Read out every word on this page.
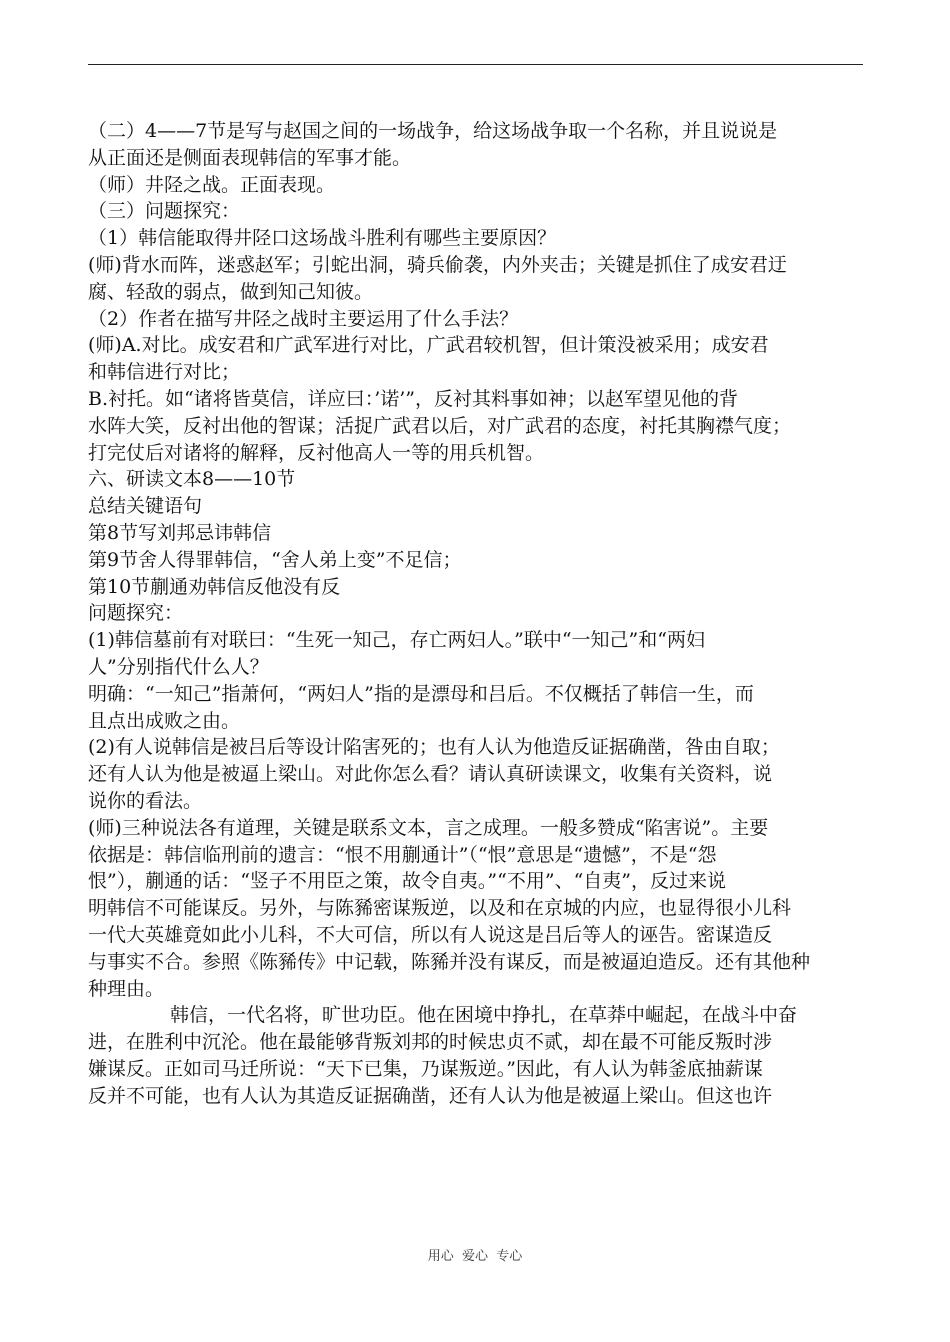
（二）4——7节是写与赵国之间的一场战争，给这场战争取一个名称，并且说说是

从正面还是侧面表现韩信的军事才能。

（师）井陉之战。正面表现。

（三）问题探究：

（1）韩信能取得井陉口这场战斗胜利有哪些主要原因？

(师)背水而阵，迷惑赵军；引蛇出洞，骑兵偷袭，内外夹击；关键是抓住了成安君迂

腐、轻敌的弱点，做到知己知彼。

（2）作者在描写井陉之战时主要运用了什么手法？

(师)A.对比。成安君和广武军进行对比，广武君较机智，但计策没被采用；成安君

和韩信进行对比；

B.衬托。如“诸将皆莫信，详应曰：’诺’”，反衬其料事如神；以赵军望见他的背

水阵大笑，反衬出他的智谋；活捉广武君以后，对广武君的态度，衬托其胸襟气度；

打完仗后对诸将的解释，反衬他高人一等的用兵机智。

六、研读文本8——10节

总结关键语句

第8节写刘邦忌讳韩信

第9节舍人得罪韩信，“舍人弟上变”不足信；

第10节蒯通劝韩信反他没有反

问题探究：

(1)韩信墓前有对联曰：“生死一知己，存亡两妇人。”联中“一知己”和“两妇

人”分别指代什么人？

明确：“一知己”指萧何，“两妇人”指的是漂母和吕后。不仅概括了韩信一生，而

且点出成败之由。

(2)有人说韩信是被吕后等设计陷害死的；也有人认为他造反证据确凿，咎由自取；

还有人认为他是被逼上梁山。对此你怎么看？请认真研读课文，收集有关资料，说

说你的看法。

(师)三种说法各有道理，关键是联系文本，言之成理。一般多赞成“陷害说”。主要

依据是：韩信临刑前的遗言：“恨不用蒯通计”（“恨”意思是“遗憾”，不是“怨

恨”），蒯通的话：“竖子不用臣之策，故令自夷。”“不用”、“自夷”，反过来说

明韩信不可能谋反。另外，与陈豨密谋叛逆，以及和在京城的内应，也显得很小儿科

一代大英雄竟如此小儿科，不大可信，所以有人说这是吕后等人的诬告。密谋造反

与事实不合。参照《陈豨传》中记载，陈豨并没有谋反，而是被逼迫造反。还有其他种

种理由。

韩信，一代名将，旷世功臣。他在困境中挣扎，在草莽中崛起，在战斗中奋

进，在胜利中沉沦。他在最能够背叛刘邦的时候忠贞不贰，却在最不可能反叛时涉

嫌谋反。正如司马迁所说：“天下已集，乃谋叛逆。”因此，有人认为韩釜底抽薪谋

反并不可能，也有人认为其造反证据确凿，还有人认为他是被逼上梁山。但这也许

用心  爱心  专心
